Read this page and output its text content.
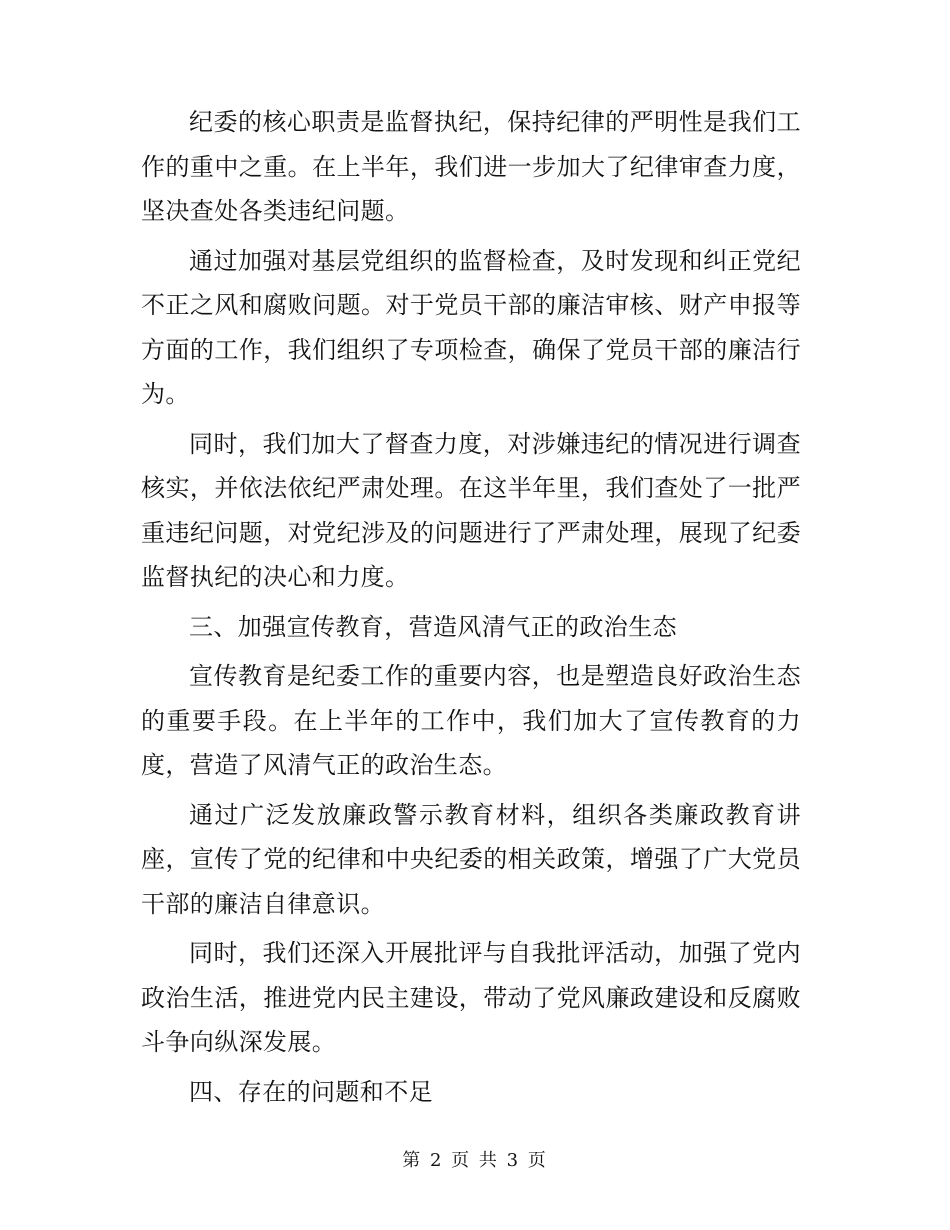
纪委的核心职责是监督执纪，保持纪律的严明性是我们工作的重中之重。在上半年，我们进一步加大了纪律审查力度，坚决查处各类违纪问题。

通过加强对基层党组织的监督检查，及时发现和纠正党纪不正之风和腐败问题。对于党员干部的廉洁审核、财产申报等方面的工作，我们组织了专项检查，确保了党员干部的廉洁行为。

同时，我们加大了督查力度，对涉嫌违纪的情况进行调查核实，并依法依纪严肃处理。在这半年里，我们查处了一批严重违纪问题，对党纪涉及的问题进行了严肃处理，展现了纪委监督执纪的决心和力度。

三、加强宣传教育，营造风清气正的政治生态

宣传教育是纪委工作的重要内容，也是塑造良好政治生态的重要手段。在上半年的工作中，我们加大了宣传教育的力度，营造了风清气正的政治生态。

通过广泛发放廉政警示教育材料，组织各类廉政教育讲座，宣传了党的纪律和中央纪委的相关政策，增强了广大党员干部的廉洁自律意识。

同时，我们还深入开展批评与自我批评活动，加强了党内政治生活，推进党内民主建设，带动了党风廉政建设和反腐败斗争向纵深发展。

四、存在的问题和不足

第 2 页 共 3 页
